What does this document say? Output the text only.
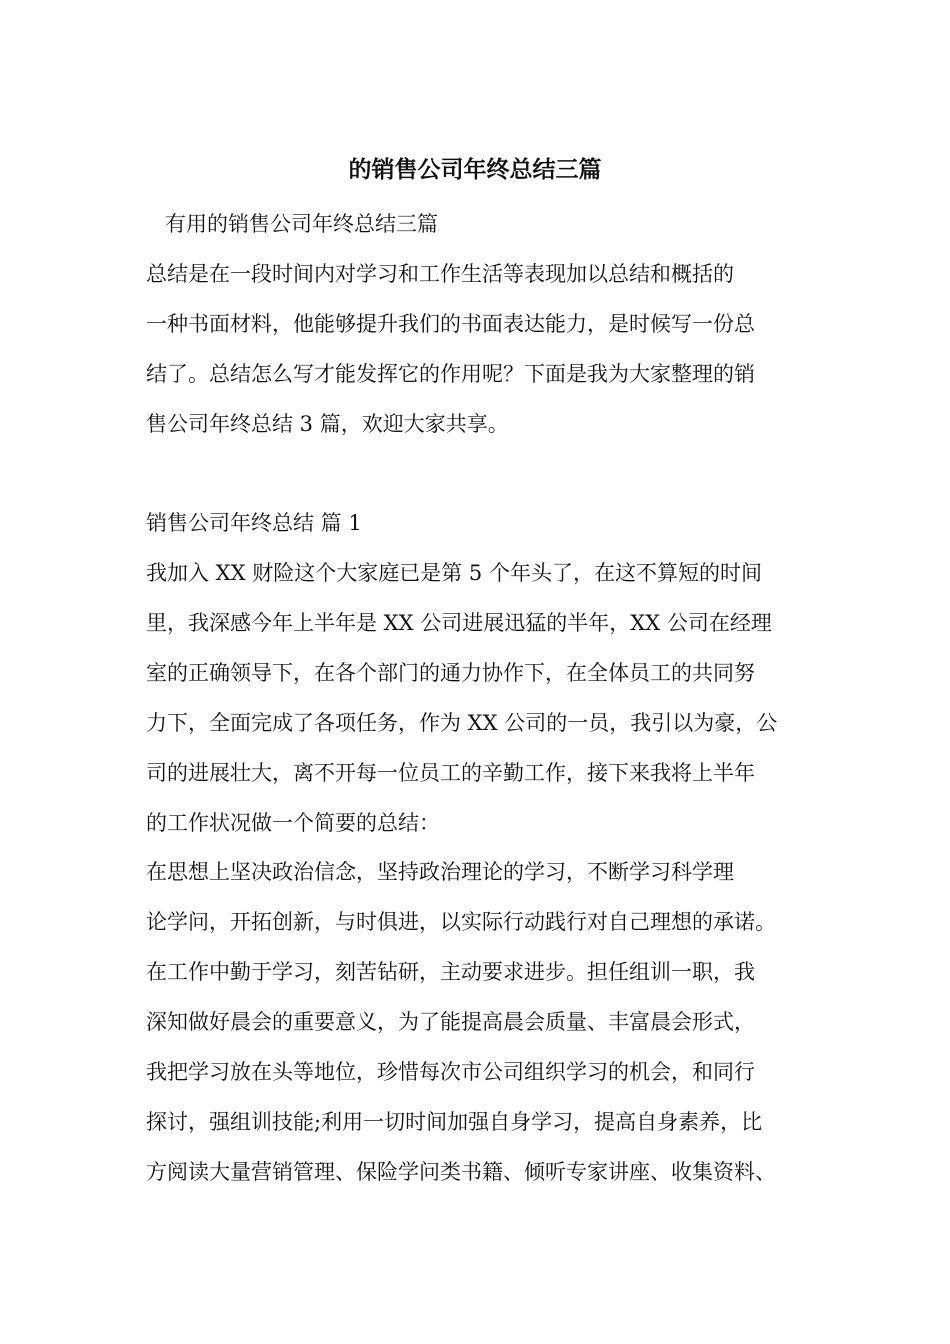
的销售公司年终总结三篇
有用的销售公司年终总结三篇
总结是在一段时间内对学习和工作生活等表现加以总结和概括的
一种书面材料，他能够提升我们的书面表达能力，是时候写一份总
结了。总结怎么写才能发挥它的作用呢？下面是我为大家整理的销
售公司年终总结 3 篇，欢迎大家共享。
销售公司年终总结 篇 1
我加入 XX 财险这个大家庭已是第 5 个年头了，在这不算短的时间
里，我深感今年上半年是 XX 公司进展迅猛的半年，XX 公司在经理
室的正确领导下，在各个部门的通力协作下，在全体员工的共同努
力下，全面完成了各项任务，作为 XX 公司的一员，我引以为豪，公
司的进展壮大，离不开每一位员工的辛勤工作，接下来我将上半年
的工作状况做一个简要的总结：
在思想上坚决政治信念，坚持政治理论的学习，不断学习科学理
论学问，开拓创新，与时俱进，以实际行动践行对自己理想的承诺。
在工作中勤于学习，刻苦钻研，主动要求进步。担任组训一职，我
深知做好晨会的重要意义，为了能提高晨会质量、丰富晨会形式，
我把学习放在头等地位，珍惜每次市公司组织学习的机会，和同行
探讨，强组训技能;利用一切时间加强自身学习，提高自身素养，比
方阅读大量营销管理、保险学问类书籍、倾听专家讲座、收集资料、
